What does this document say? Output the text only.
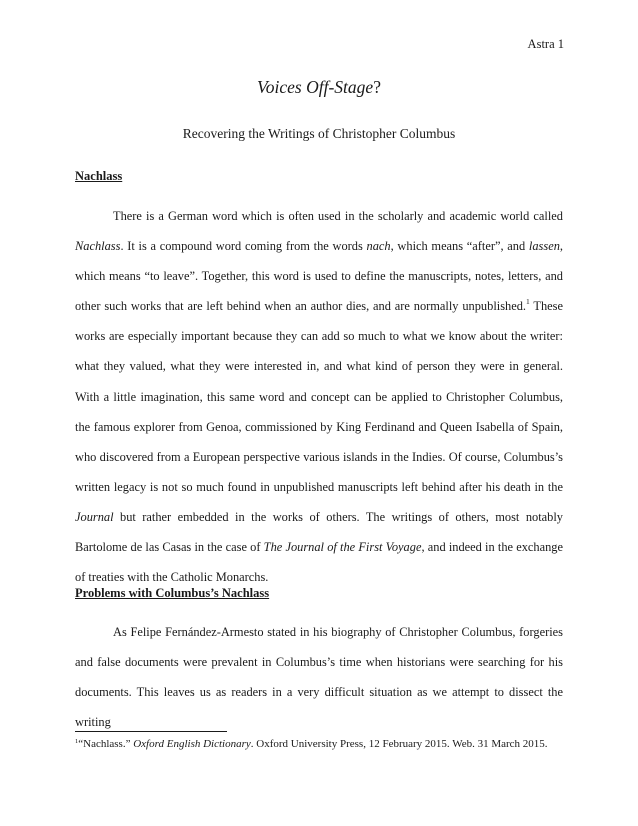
Astra 1
Voices Off-Stage?
Recovering the Writings of Christopher Columbus
Nachlass

There is a German word which is often used in the scholarly and academic world called Nachlass. It is a compound word coming from the words nach, which means “after”, and lassen, which means “to leave”. Together, this word is used to define the manuscripts, notes, letters, and other such works that are left behind when an author dies, and are normally unpublished.$^1$ These works are especially important because they can add so much to what we know about the writer: what they valued, what they were interested in, and what kind of person they were in general. With a little imagination, this same word and concept can be applied to Christopher Columbus, the famous explorer from Genoa, commissioned by King Ferdinand and Queen Isabella of Spain, who discovered from a European perspective various islands in the Indies. Of course, Columbus’s written legacy is not so much found in unpublished manuscripts left behind after his death in the Journal but rather embedded in the works of others. The writings of others, most notably Bartolome de las Casas in the case of The Journal of the First Voyage, and indeed in the exchange of treaties with the Catholic Monarchs.

Problems with Columbus’s Nachlass

As Felipe Fernández-Armesto stated in his biography of Christopher Columbus, forgeries and false documents were prevalent in Columbus’s time when historians were searching for his documents. This leaves us as readers in a very difficult situation as we attempt to dissect the writing

$^1$“Nachlass.” Oxford English Dictionary. Oxford University Press, 12 February 2015. Web. 31 March 2015.
